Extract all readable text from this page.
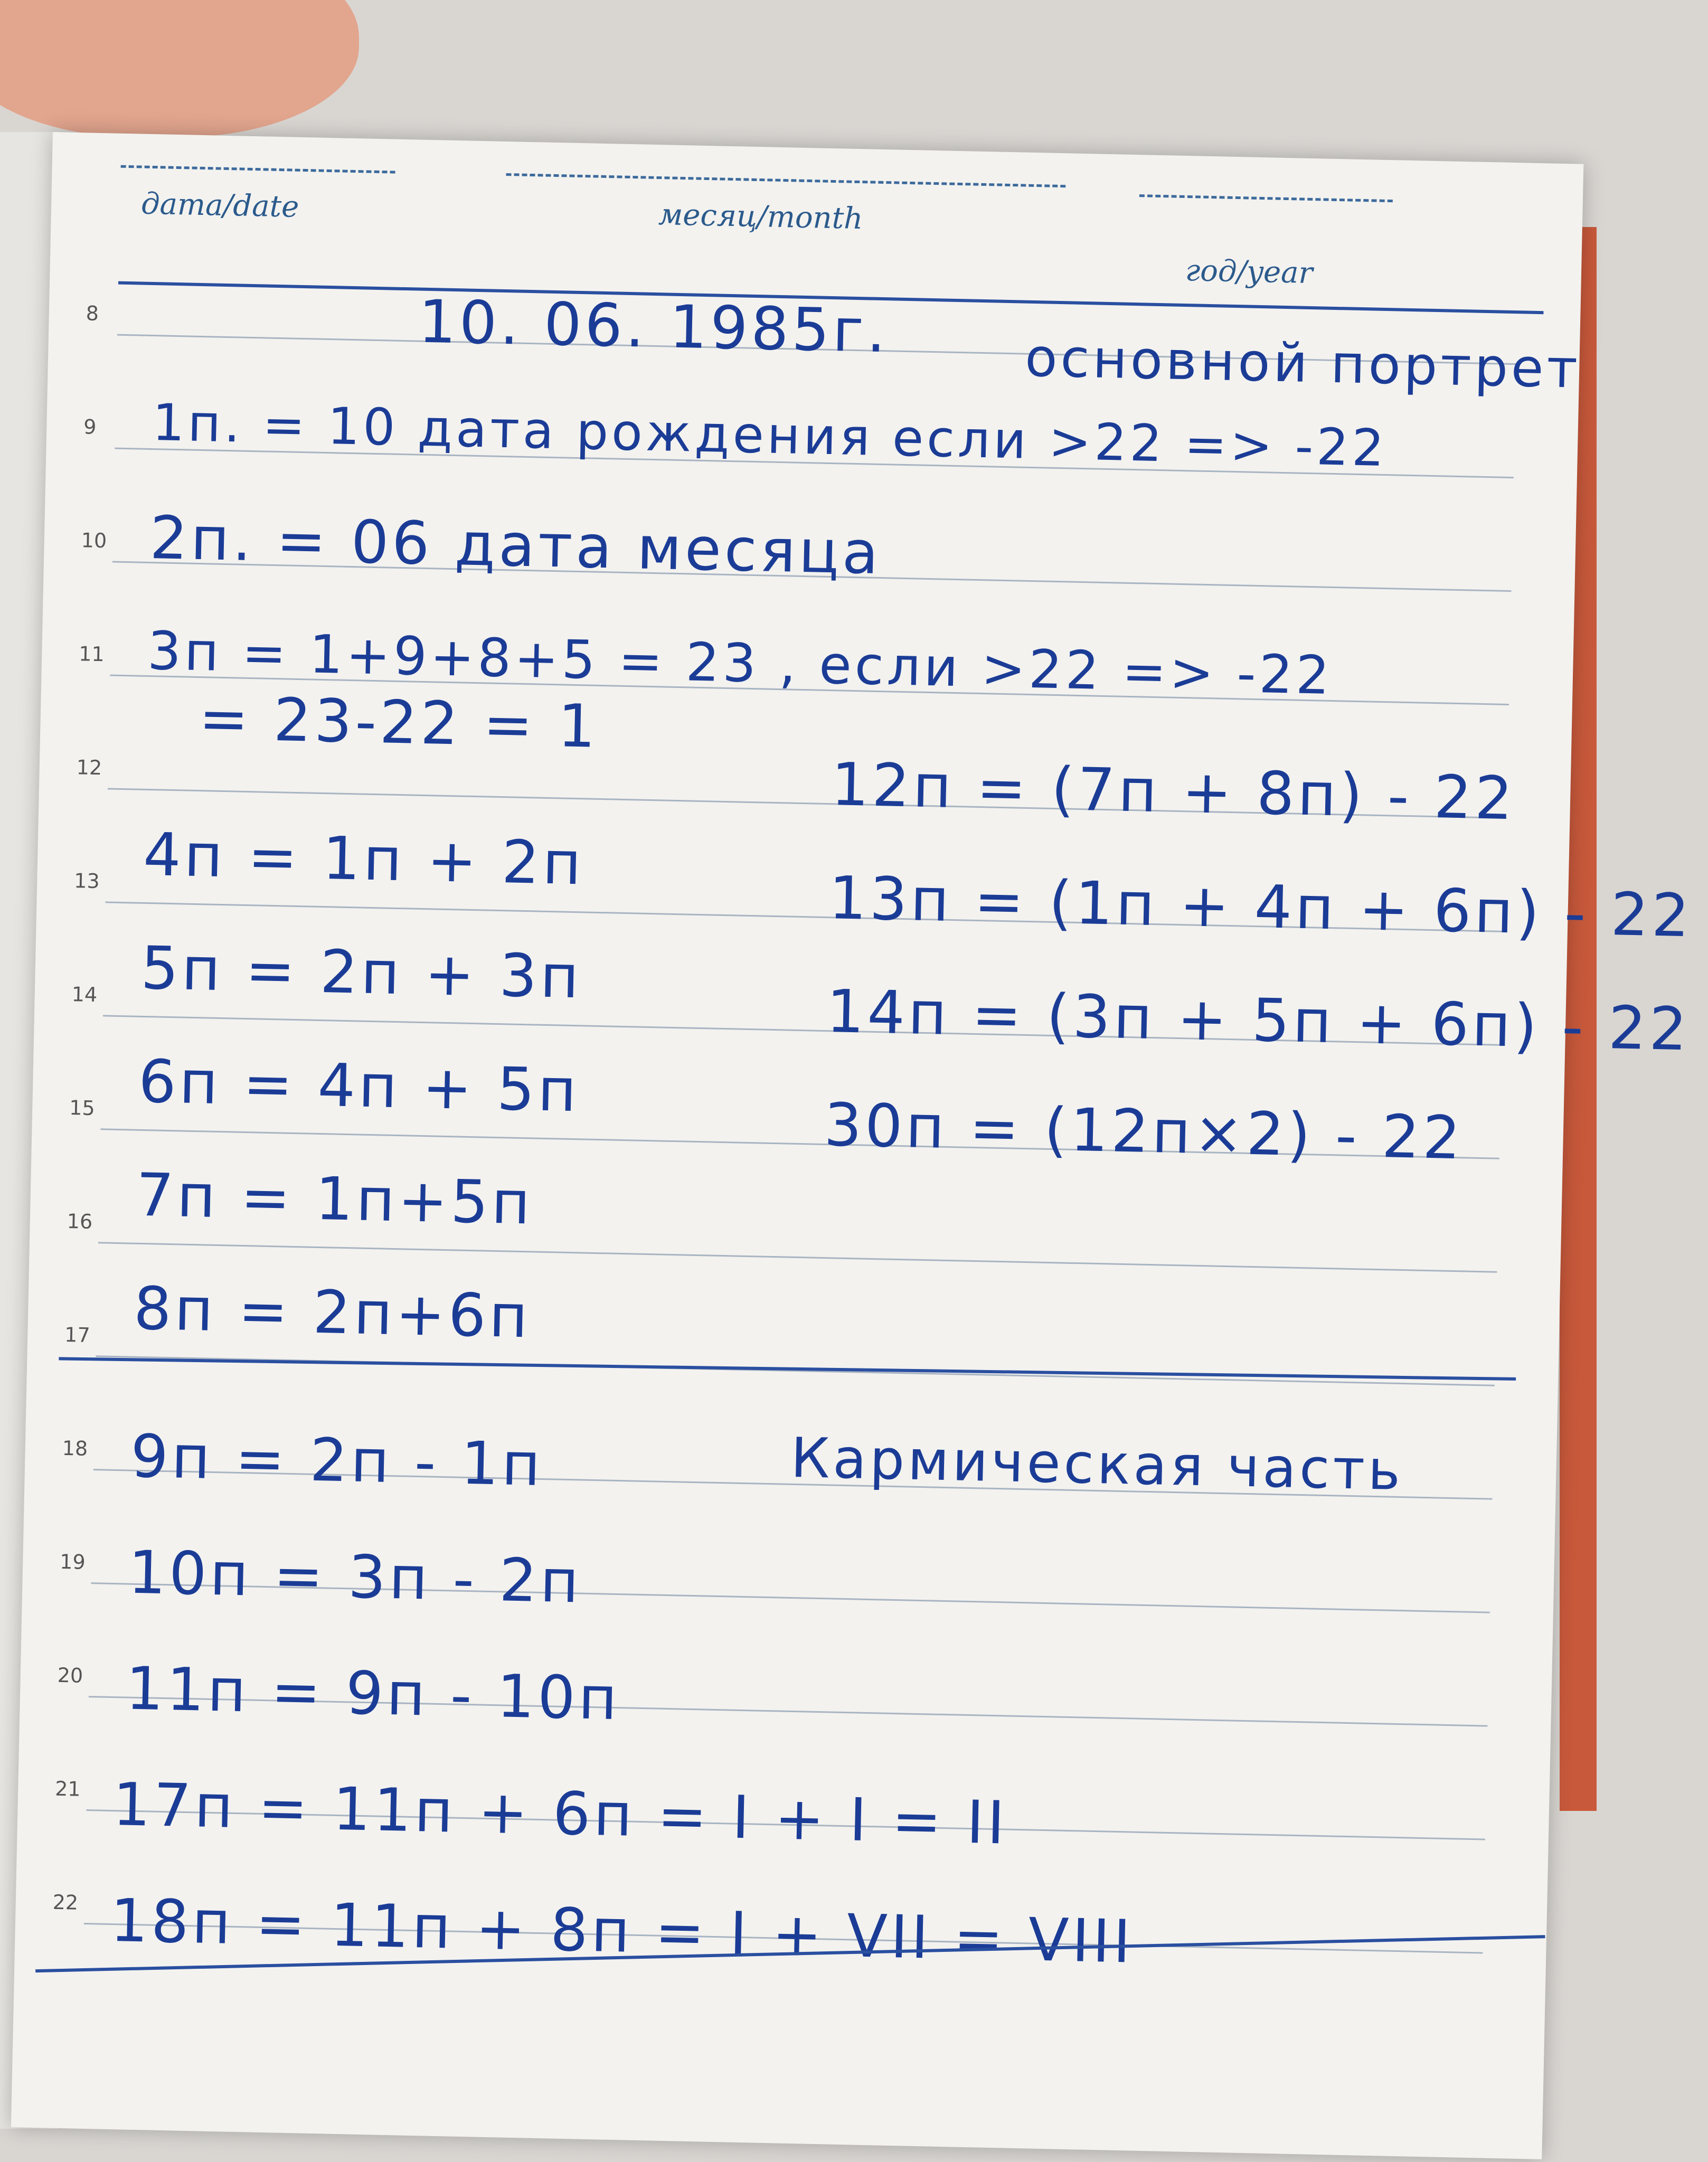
дата/date	месяц/month
год/year
8
9
10
11
12
13
14
15
16
17
18
19
20
21
22
10. 06. 1985г.	основной портрет
1п. = 10 дата рождения если >22 => -22
2п. = 06 дата месяца
3п = 1+9+8+5 = 23 , если >22 => -22
= 23-22 = 1
4п = 1п + 2п
5п = 2п + 3п
6п = 4п + 5п
7п = 1п+5п
8п = 2п+6п
12п = (7п + 8п) - 22
13п = (1п + 4п + 6п) - 22
14п = (3п + 5п + 6п) - 22
30п = (12п×2) - 22
Кармическая часть
9п = 2п - 1п
10п = 3п - 2п
11п = 9п - 10п
17п = 11п + 6п = I + I = II
18п = 11п + 8п = I + VII = VIII
